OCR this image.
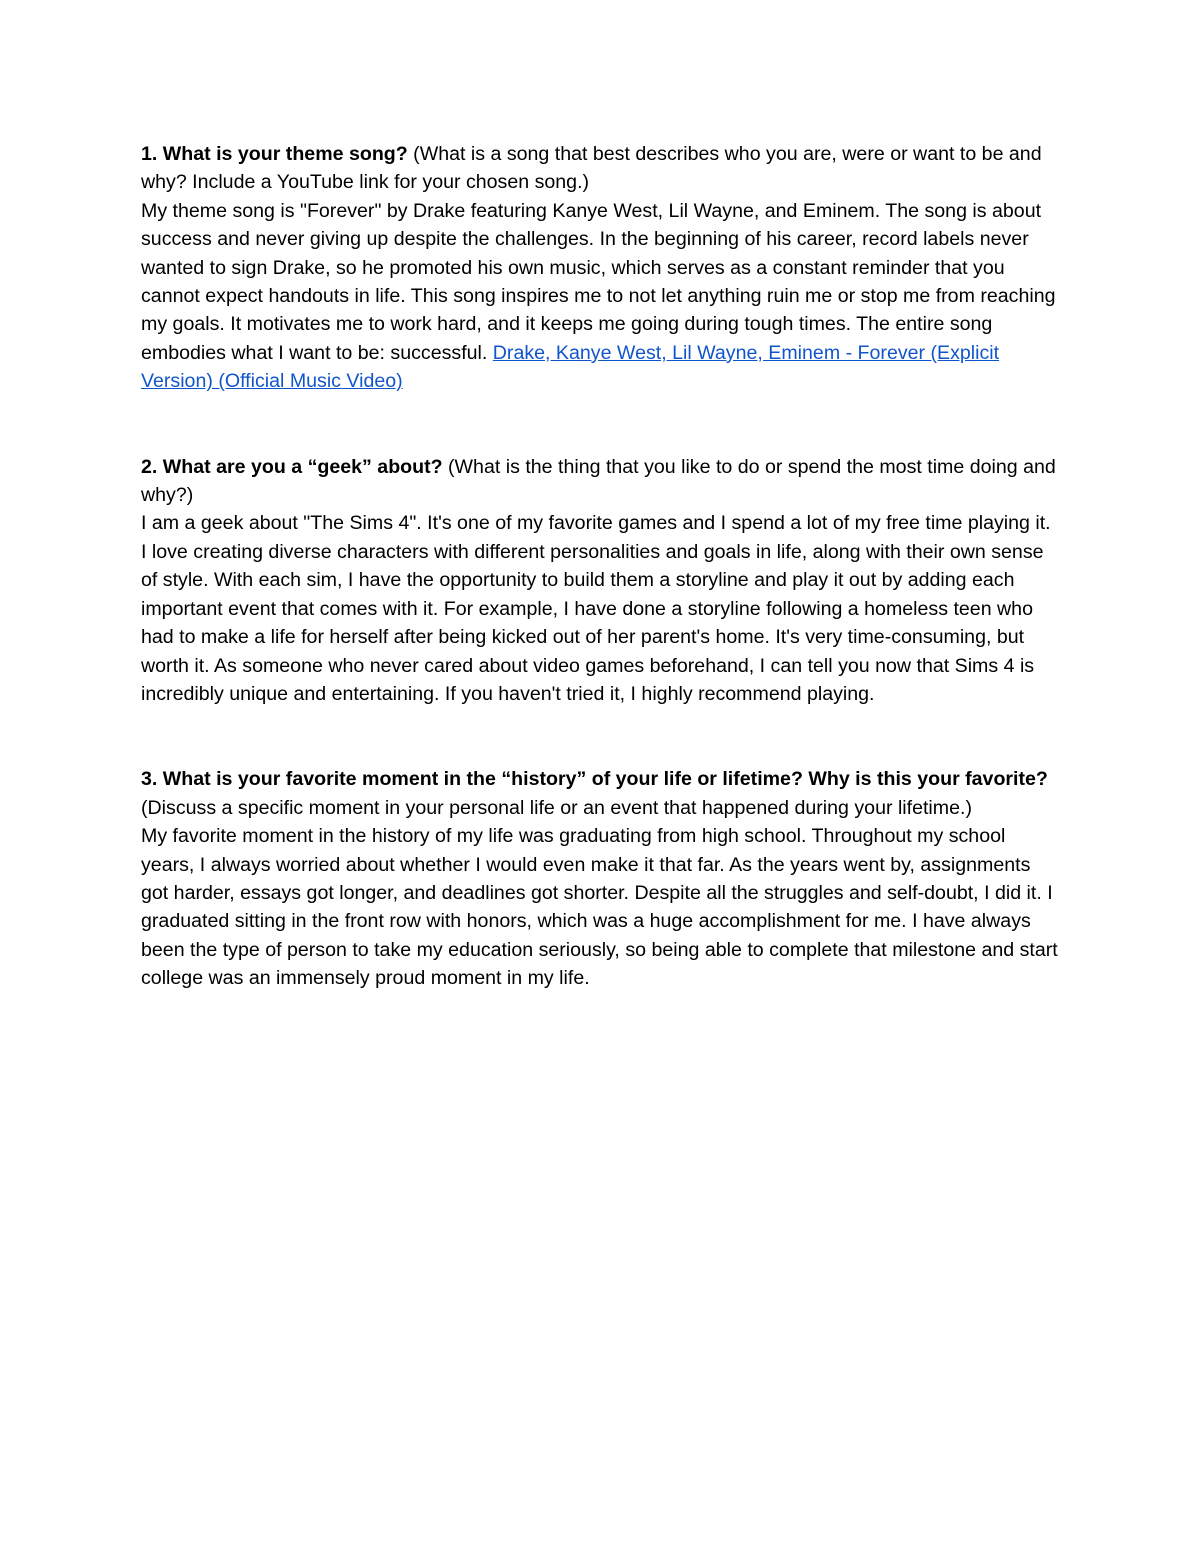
1. What is your theme song? (What is a song that best describes who you are, were or want to be and why? Include a YouTube link for your chosen song.)

My theme song is "Forever" by Drake featuring Kanye West, Lil Wayne, and Eminem. The song is about success and never giving up despite the challenges. In the beginning of his career, record labels never wanted to sign Drake, so he promoted his own music, which serves as a constant reminder that you cannot expect handouts in life. This song inspires me to not let anything ruin me or stop me from reaching my goals. It motivates me to work hard, and it keeps me going during tough times. The entire song embodies what I want to be: successful. Drake, Kanye West, Lil Wayne, Eminem - Forever (Explicit Version) (Official Music Video)

2. What are you a “geek” about? (What is the thing that you like to do or spend the most time doing and why?)

I am a geek about "The Sims 4". It's one of my favorite games and I spend a lot of my free time playing it. I love creating diverse characters with different personalities and goals in life, along with their own sense of style. With each sim, I have the opportunity to build them a storyline and play it out by adding each important event that comes with it. For example, I have done a storyline following a homeless teen who had to make a life for herself after being kicked out of her parent's home. It's very time-consuming, but worth it. As someone who never cared about video games beforehand, I can tell you now that Sims 4 is incredibly unique and entertaining. If you haven't tried it, I highly recommend playing.

3. What is your favorite moment in the “history” of your life or lifetime? Why is this your favorite? (Discuss a specific moment in your personal life or an event that happened during your lifetime.)

My favorite moment in the history of my life was graduating from high school. Throughout my school years, I always worried about whether I would even make it that far. As the years went by, assignments got harder, essays got longer, and deadlines got shorter. Despite all the struggles and self-doubt, I did it. I graduated sitting in the front row with honors, which was a huge accomplishment for me. I have always been the type of person to take my education seriously, so being able to complete that milestone and start college was an immensely proud moment in my life.
